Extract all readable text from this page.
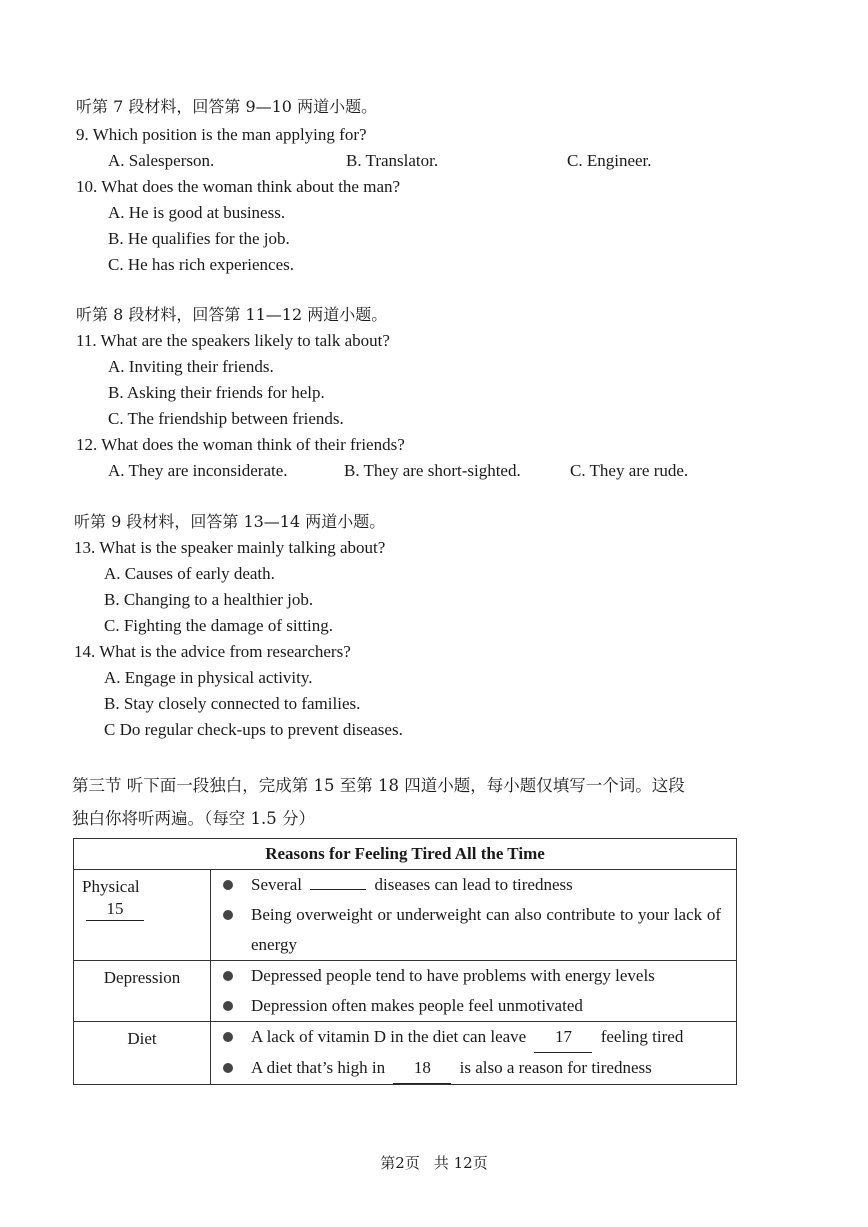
听第 7 段材料，回答第 9—10 两道小题。
9. Which position is the man applying for?
A. Salesperson.	B. Translator.	C. Engineer.
10. What does the woman think about the man?
A. He is good at business.
B. He qualifies for the job.
C. He has rich experiences.
听第 8 段材料，回答第 11—12 两道小题。
11. What are the speakers likely to talk about?
A. Inviting their friends.
B. Asking their friends for help.
C. The friendship between friends.
12. What does the woman think of their friends?
A. They are inconsiderate.	B. They are short-sighted.	C. They are rude.
听第 9 段材料，回答第 13—14 两道小题。
13. What is the speaker mainly talking about?
A. Causes of early death.
B. Changing to a healthier job.
C. Fighting the damage of sitting.
14. What is the advice from researchers?
A. Engage in physical activity.
B. Stay closely connected to families.
C Do regular check-ups to prevent diseases.
第三节 听下面一段独白，完成第 15 至第 18 四道小题，每小题仅填写一个词。这段
独白你将听两遍。（每空 1.5 分）
Reasons for Feeling Tired All the Time	

Physical 15	Several diseases can lead to tiredness
Being overweight or underweight can also contribute to your lack of energy

Depression	Depressed people tend to have problems with energy levels
Depression often makes people feel unmotivated

Diet	A lack of vitamin D in the diet can leave 17 feeling tired
A diet that’s high in 18 is also a reason for tiredness
第2页 共 12页
